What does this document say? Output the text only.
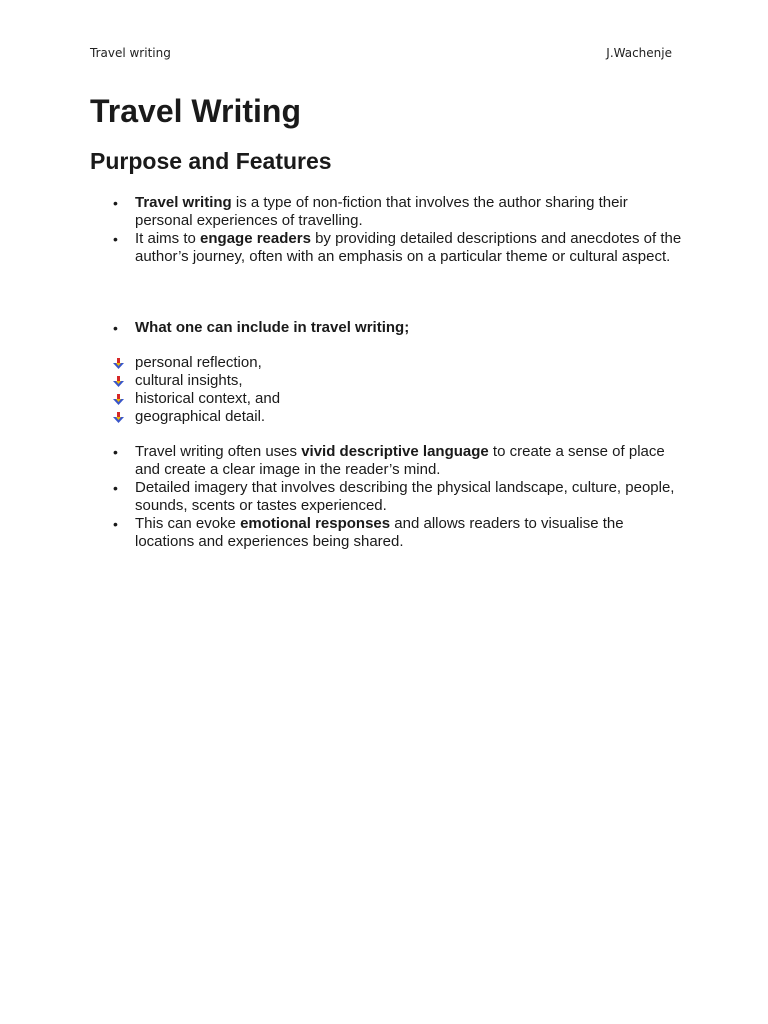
Travel writing	J.Wachenje
Travel Writing
Purpose and Features
• Travel writing is a type of non-fiction that involves the author sharing their personal experiences of travelling.
• It aims to engage readers by providing detailed descriptions and anecdotes of the author’s journey, often with an emphasis on a particular theme or cultural aspect.
• What one can include in travel writing;
personal reflection,
cultural insights,
historical context, and
geographical detail.
• Travel writing often uses vivid descriptive language to create a sense of place and create a clear image in the reader’s mind.
• Detailed imagery that involves describing the physical landscape, culture, people, sounds, scents or tastes experienced.
• This can evoke emotional responses and allows readers to visualise the locations and experiences being shared.
